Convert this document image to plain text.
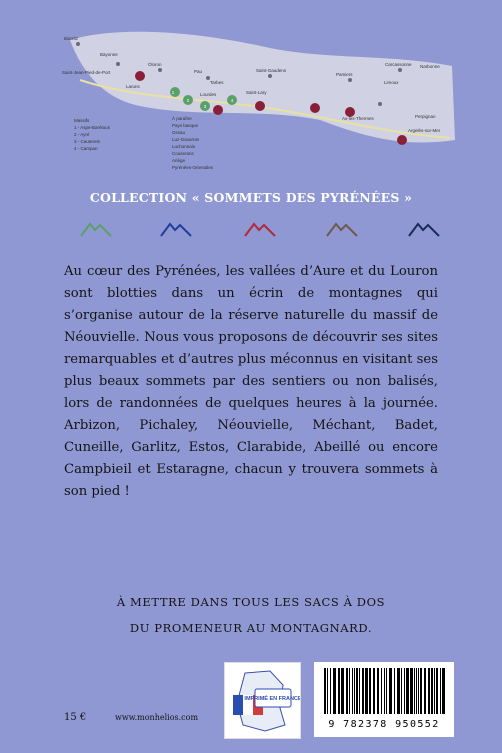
Biarritz
Bayonne
Saint-Jean-Pied-de-Port
Oloron
Pau
Tarbes
Lourdes
Saint-Gaudens
Pamiers
Carcassonne Narbonne
Limoux
Perpignan
Argelès-sur-Mer
Ax-les-Thermes
Saint-Lary
Laruns
1
2
3
4
Massifs
1 - Aspe-Barétous
2 - Ayré
3 - Cauterets
4 - Campan
À paraître
Pays basque
Ossau
Luz-Gavarnie
Luchonnais
Couserans
Ariège
Pyrénées-Orientales
COLLECTION « SOMMETS DES PYRÉNÉES »
Au cœur des Pyrénées, les vallées d’Aure et du Louron sont blotties dans un écrin de montagnes qui s’organise autour de la réserve naturelle du massif de Néouvielle. Nous vous proposons de découvrir ses sites remarquables et d’autres plus méconnus en visitant ses plus beaux sommets par des sentiers ou non balisés, lors de randonnées de quelques heures à la journée. Arbizon, Pichaley, Néouvielle, Méchant, Badet, Cuneille, Garlitz, Estos, Clarabide, Abeillé ou encore Campbieil et Estaragne, chacun y trouvera sommets à son pied !
À METTRE DANS TOUS LES SACS À DOS
DU PROMENEUR AU MONTAGNARD.
15 €	www.monhelios.com
IMPRIMÉ EN FRANCE
9 782378 950552
